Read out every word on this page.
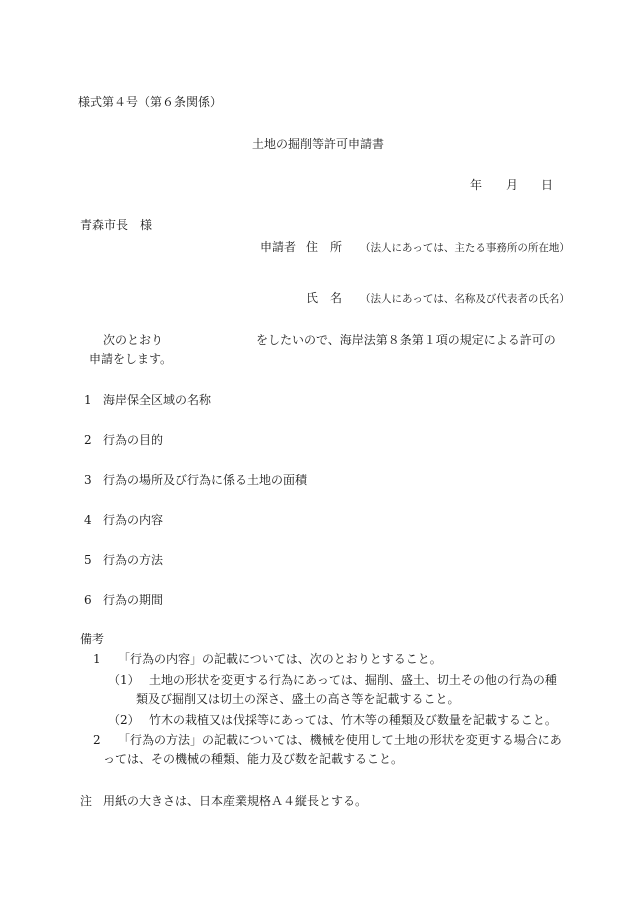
様式第４号（第６条関係）
土地の掘削等許可申請書
年 月 日
青森市長　様
申請者 住　所 （法人にあっては、主たる事務所の所在地）
氏　名 （法人にあっては、名称及び代表者の氏名）
次のとおり	をしたいので、海岸法第８条第１項の規定による許可の
申請をします。
1 海岸保全区域の名称
2 行為の目的
3 行為の場所及び行為に係る土地の面積
4 行為の内容
5 行為の方法
6 行為の期間
備考
1 「行為の内容」の記載については、次のとおりとすること。
（1） 土地の形状を変更する行為にあっては、掘削、盛土、切土その他の行為の種
類及び掘削又は切土の深さ、盛土の高さ等を記載すること。
（2） 竹木の栽植又は伐採等にあっては、竹木等の種類及び数量を記載すること。
2 「行為の方法」の記載については、機械を使用して土地の形状を変更する場合にあ
っては、その機械の種類、能力及び数を記載すること。
注 用紙の大きさは、日本産業規格Ａ４縦長とする。
